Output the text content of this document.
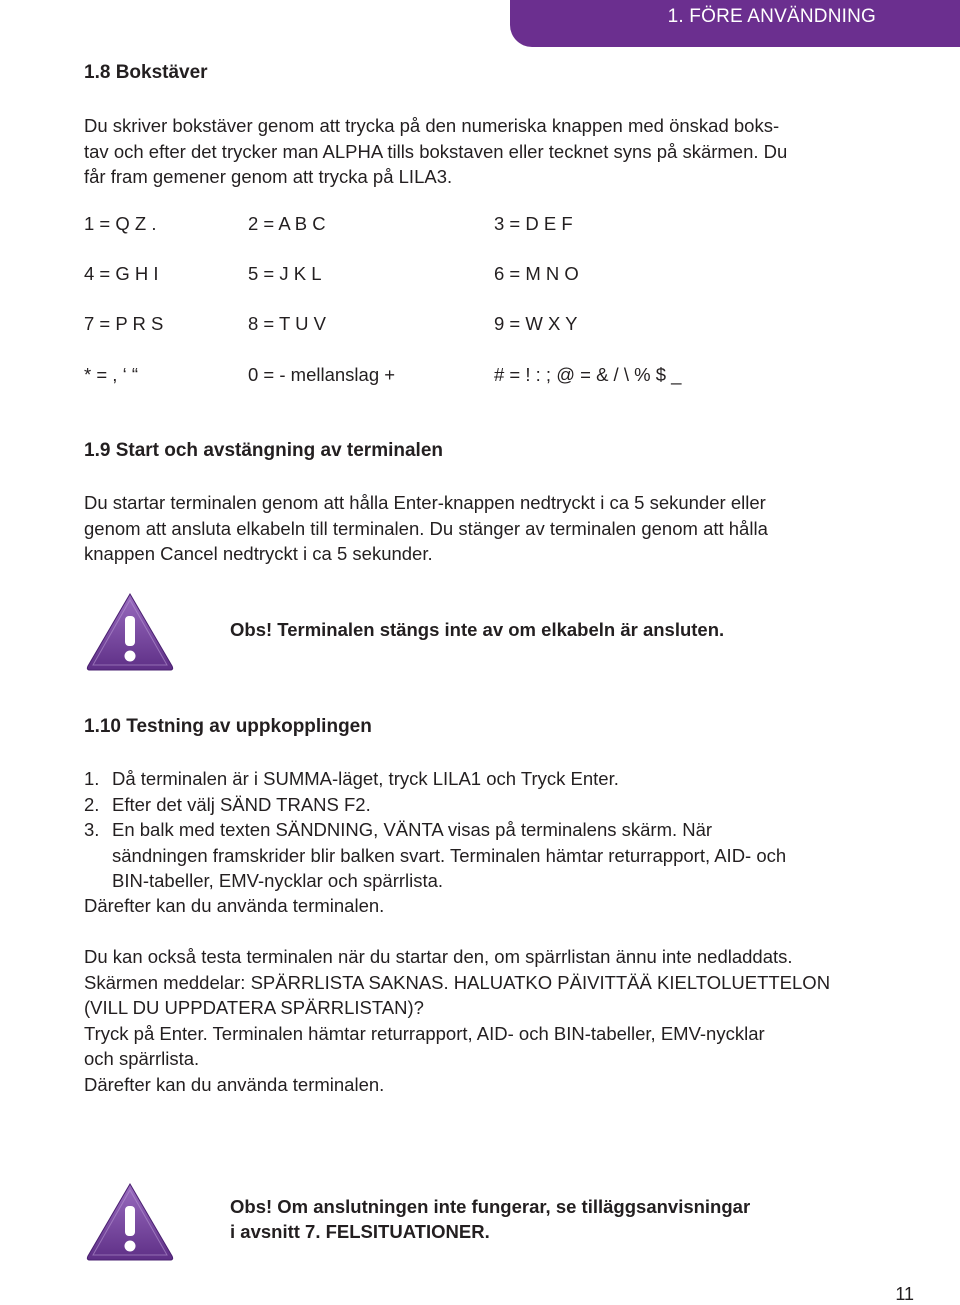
1. FÖRE ANVÄNDNING
1.8 Bokstäver
Du skriver bokstäver genom att trycka på den numeriska knappen med önskad boks-
tav och efter det trycker man ALPHA tills bokstaven eller tecknet syns på skärmen. Du
får fram gemener genom att trycka på LILA3.
1 = Q Z .	2 = A B C	3 = D E F
4 = G H I	5 = J K L	6 = M N O
7 = P R S	8 = T U V	9 = W X Y
* = , ‘ “	0 = - mellanslag +	# = ! : ; @ = & / \ % $ _
1.9 Start och avstängning av terminalen
Du startar terminalen genom att hålla Enter-knappen nedtryckt i ca 5 sekunder eller
genom att ansluta elkabeln till terminalen. Du stänger av terminalen genom att hålla
knappen Cancel nedtryckt i ca 5 sekunder.
Obs! Terminalen stängs inte av om elkabeln är ansluten.
1.10 Testning av uppkopplingen
1. Då terminalen är i SUMMA-läget, tryck LILA1 och Tryck Enter.
2. Efter det välj SÄND TRANS F2.
3. En balk med texten SÄNDNING, VÄNTA visas på terminalens skärm. När
sändningen framskrider blir balken svart. Terminalen hämtar returrapport, AID- och
BIN-tabeller, EMV-nycklar och spärrlista.
Därefter kan du använda terminalen.
Du kan också testa terminalen när du startar den, om spärrlistan ännu inte nedladdats.
Skärmen meddelar: SPÄRRLISTA SAKNAS. HALUATKO PÄIVITTÄÄ KIELTOLUETTELON
(VILL DU UPPDATERA SPÄRRLISTAN)?
Tryck på Enter. Terminalen hämtar returrapport, AID- och BIN-tabeller, EMV-nycklar
och spärrlista.
Därefter kan du använda terminalen.
Obs! Om anslutningen inte fungerar, se tilläggsanvisningar
i avsnitt 7. FELSITUATIONER.
11
